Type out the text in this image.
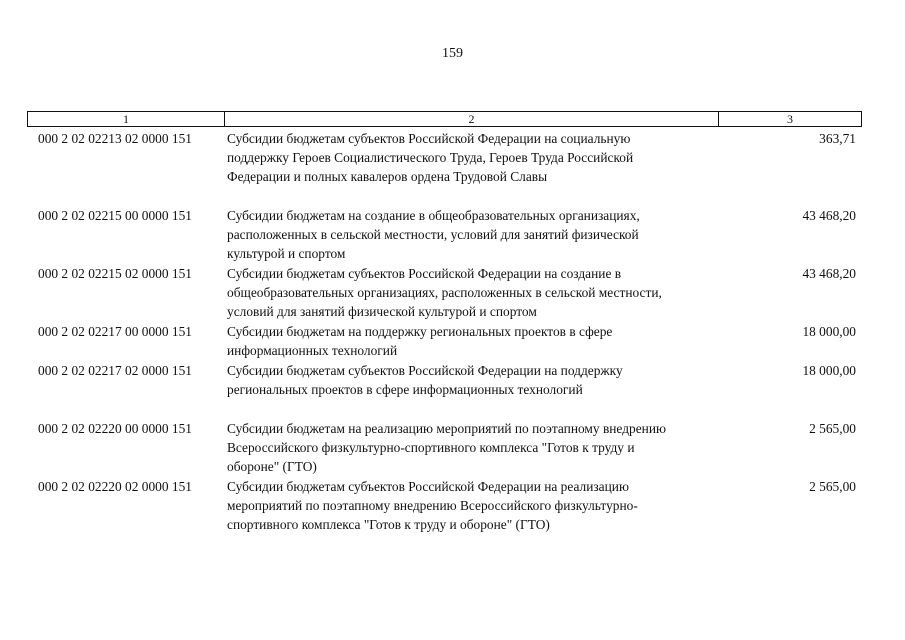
159
1	2	3
000 2 02 02213 02 0000 151	Субсидии бюджетам субъектов Российской Федерации на социальную
поддержку Героев Социалистического Труда, Героев Труда Российской
Федерации и полных кавалеров ордена Трудовой Славы
363,71
000 2 02 02215 00 0000 151	Субсидии бюджетам на создание в общеобразовательных организациях,
расположенных в сельской местности, условий для занятий физической
культурой и спортом
43 468,20
000 2 02 02215 02 0000 151	Субсидии бюджетам субъектов Российской Федерации на создание в
общеобразовательных организациях, расположенных в сельской местности,
условий для занятий физической культурой и спортом
43 468,20
000 2 02 02217 00 0000 151	Субсидии бюджетам на поддержку региональных проектов в сфере
информационных технологий
18 000,00
000 2 02 02217 02 0000 151	Субсидии бюджетам субъектов Российской Федерации на поддержку
региональных проектов в сфере информационных технологий
18 000,00
000 2 02 02220 00 0000 151	Субсидии бюджетам на реализацию мероприятий по поэтапному внедрению
Всероссийского физкультурно-спортивного комплекса "Готов к труду и
обороне" (ГТО)
2 565,00
000 2 02 02220 02 0000 151	Субсидии бюджетам субъектов Российской Федерации на реализацию
мероприятий по поэтапному внедрению Всероссийского физкультурно-
спортивного комплекса "Готов к труду и обороне" (ГТО)
2 565,00
